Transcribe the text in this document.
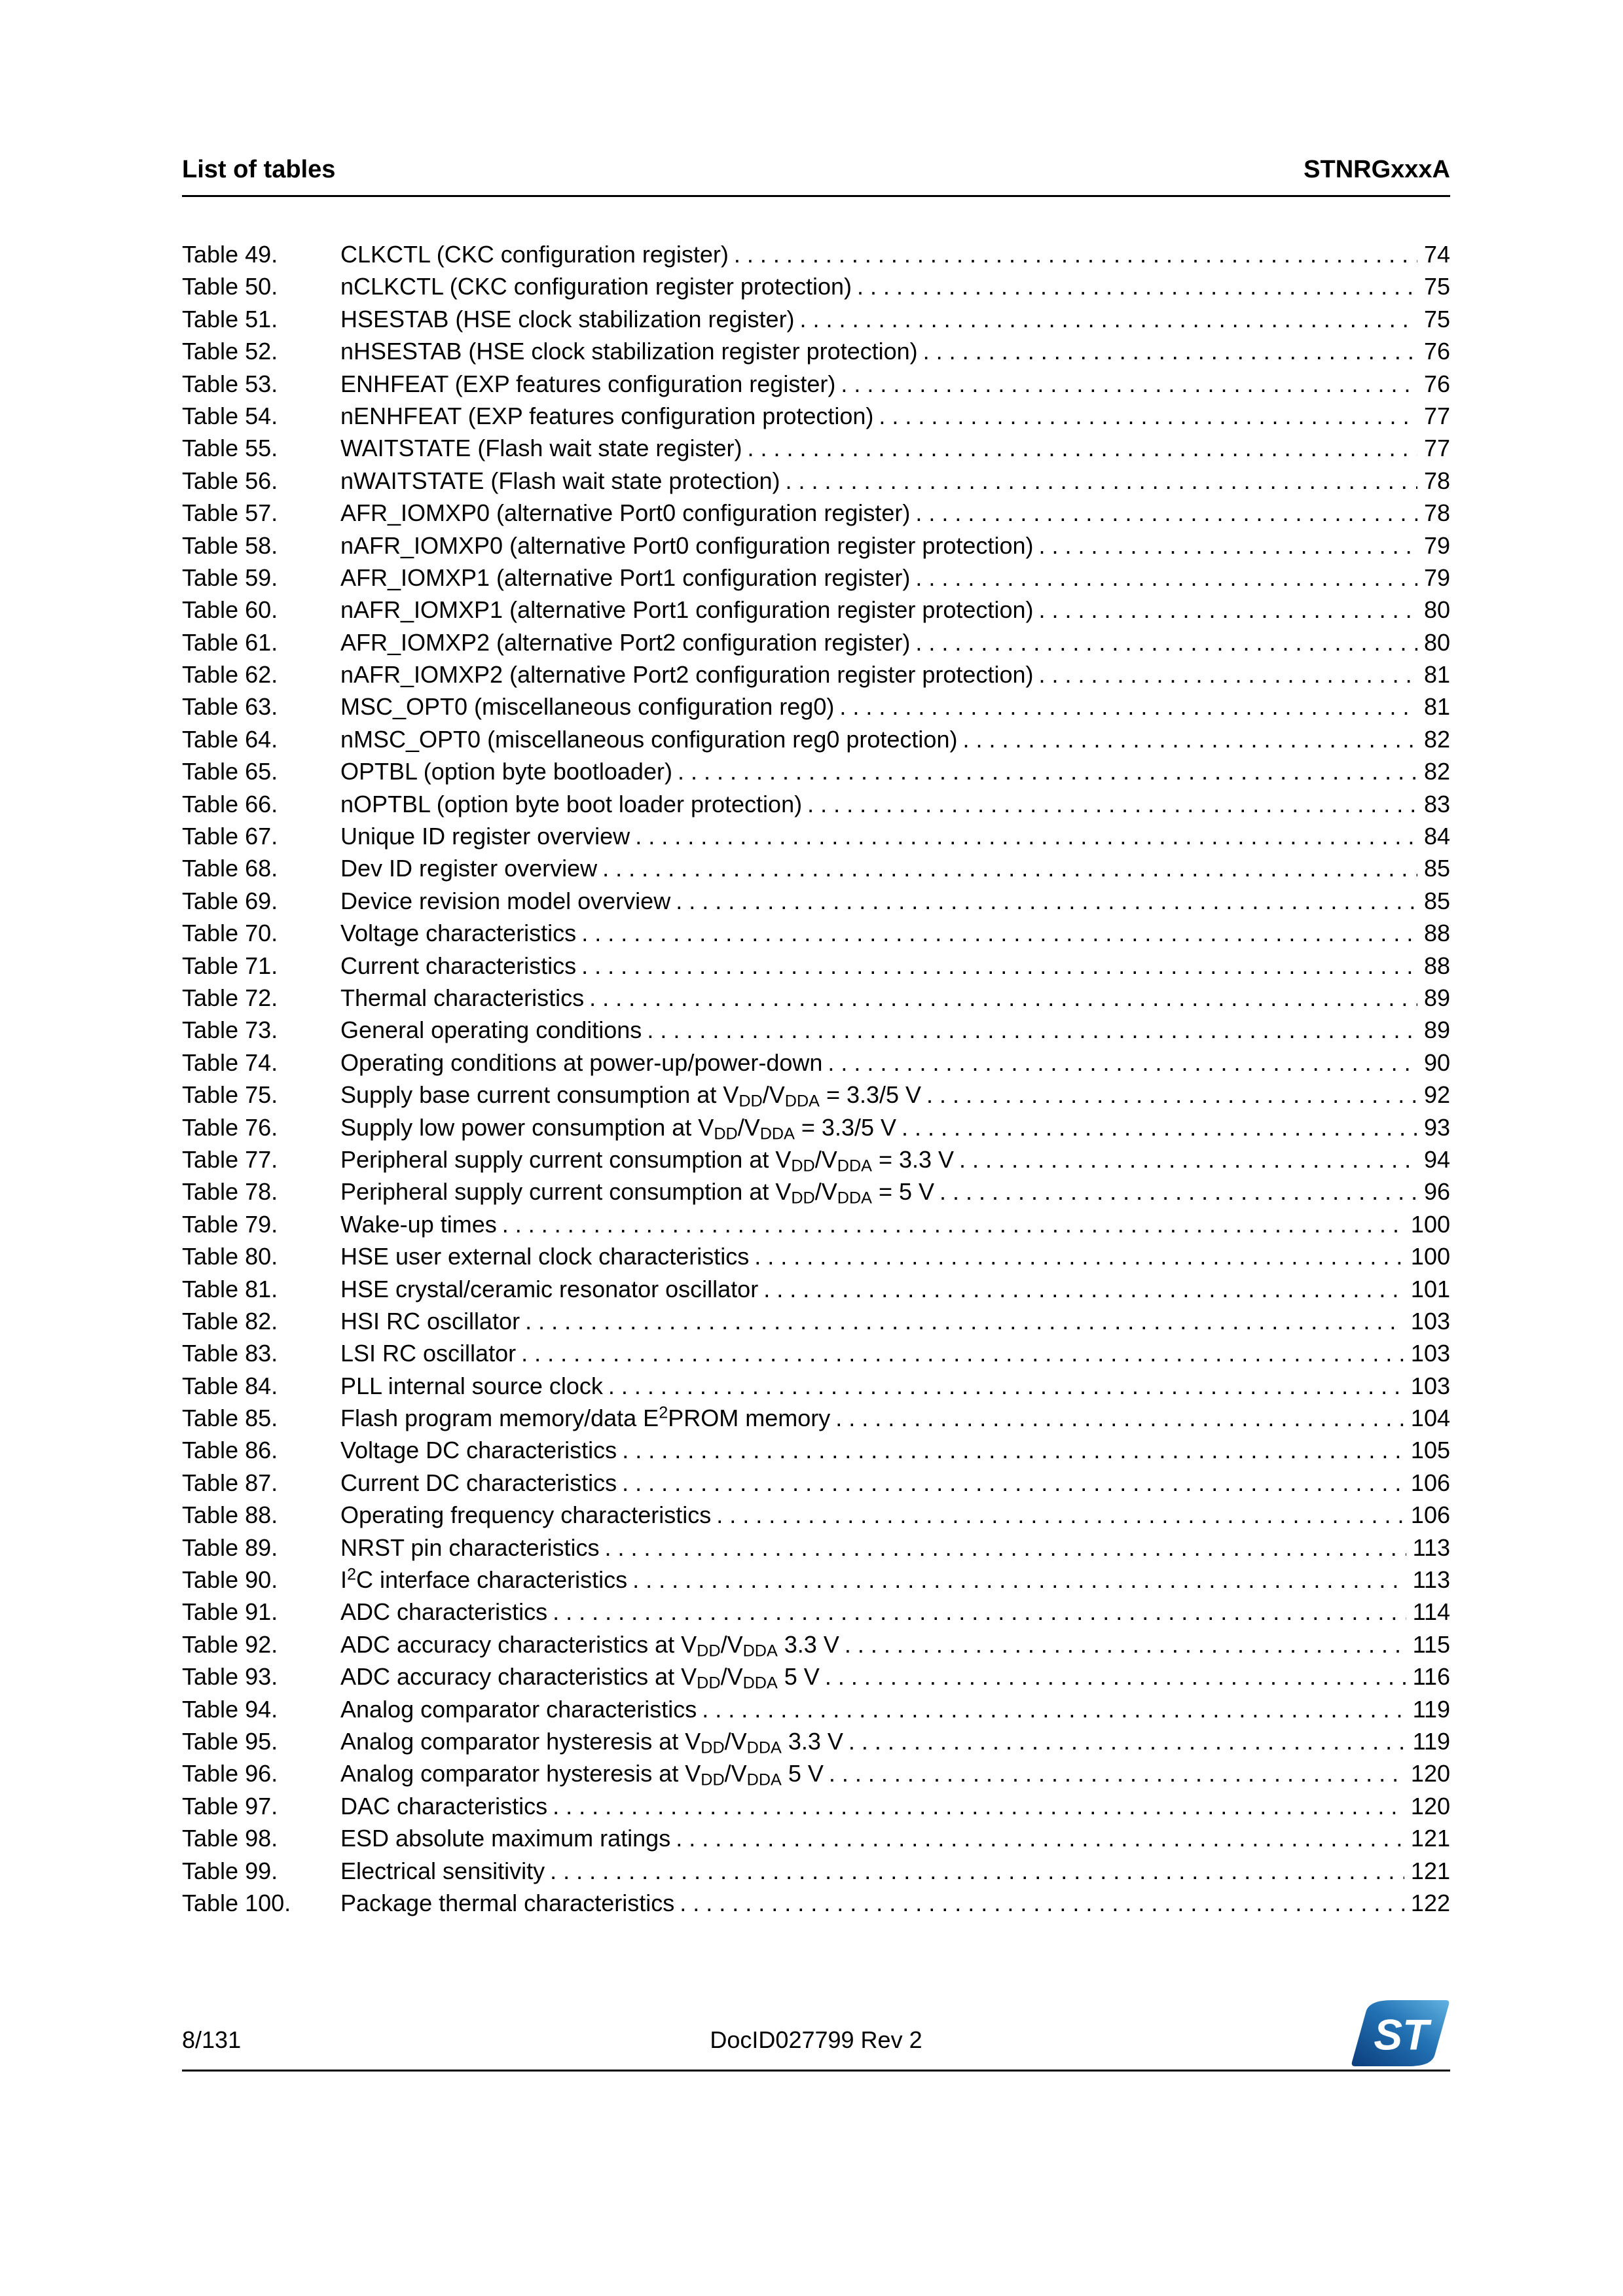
List of tables	STNRGxxxA
Table 49.	CLKCTL (CKC configuration register) . . .	74
Table 50.	nCLKCTL (CKC configuration register protection) . . .	75
Table 51.	HSESTAB (HSE clock stabilization register) . . .	75
Table 52.	nHSESTAB (HSE clock stabilization register protection) . . .	76
Table 53.	ENHFEAT (EXP features configuration register) . . .	76
Table 54.	nENHFEAT (EXP features configuration protection) . . .	77
Table 55.	WAITSTATE (Flash wait state register) . . .	77
Table 56.	nWAITSTATE (Flash wait state protection) . . .	78
Table 57.	AFR_IOMXP0 (alternative Port0 configuration register) . . .	78
Table 58.	nAFR_IOMXP0 (alternative Port0 configuration register protection) . . .	79
Table 59.	AFR_IOMXP1 (alternative Port1 configuration register) . . .	79
Table 60.	nAFR_IOMXP1 (alternative Port1 configuration register protection) . . .	80
Table 61.	AFR_IOMXP2 (alternative Port2 configuration register) . . .	80
Table 62.	nAFR_IOMXP2 (alternative Port2 configuration register protection) . . .	81
Table 63.	MSC_OPT0 (miscellaneous configuration reg0) . . .	81
Table 64.	nMSC_OPT0 (miscellaneous configuration reg0 protection) . . .	82
Table 65.	OPTBL (option byte bootloader) . . .	82
Table 66.	nOPTBL (option byte boot loader protection) . . .	83
Table 67.	Unique ID register overview . . .	84
Table 68.	Dev ID register overview . . .	85
Table 69.	Device revision model overview . . .	85
Table 70.	Voltage characteristics . . .	88
Table 71.	Current characteristics . . .	88
Table 72.	Thermal characteristics . . .	89
Table 73.	General operating conditions . . .	89
Table 74.	Operating conditions at power-up/power-down . . .	90
Table 75.	Supply base current consumption at $V_{DD}/V_{DDA} = 3.3/5$ V . . .	92
Table 76.	Supply low power consumption at $V_{DD}/V_{DDA} = 3.3/5$ V . . .	93
Table 77.	Peripheral supply current consumption at $V_{DD}/V_{DDA} = 3.3$ V . . .	94
Table 78.	Peripheral supply current consumption at $V_{DD}/V_{DDA} = 5$ V . . .	96
Table 79.	Wake-up times . . .	100
Table 80.	HSE user external clock characteristics . . .	100
Table 81.	HSE crystal/ceramic resonator oscillator . . .	101
Table 82.	HSI RC oscillator . . .	103
Table 83.	LSI RC oscillator . . .	103
Table 84.	PLL internal source clock . . .	103
Table 85.	Flash program memory/data $E^2PROM$ memory . . .	104
Table 86.	Voltage DC characteristics . . .	105
Table 87.	Current DC characteristics . . .	106
Table 88.	Operating frequency characteristics . . .	106
Table 89.	NRST pin characteristics . . .	113
Table 90.	$I^2C$ interface characteristics . . .	113
Table 91.	ADC characteristics . . .	114
Table 92.	ADC accuracy characteristics at $V_{DD}/V_{DDA}$ 3.3 V . . .	115
Table 93.	ADC accuracy characteristics at $V_{DD}/V_{DDA}$ 5 V . . .	116
Table 94.	Analog comparator characteristics . . .	119
Table 95.	Analog comparator hysteresis at $V_{DD}/V_{DDA}$ 3.3 V . . .	119
Table 96.	Analog comparator hysteresis at $V_{DD}/V_{DDA}$ 5 V . . .	120
Table 97.	DAC characteristics . . .	120
Table 98.	ESD absolute maximum ratings . . .	121
Table 99.	Electrical sensitivity . . .	121
Table 100.	Package thermal characteristics . . .	122
8/131	DocID027799 Rev 2	ST
